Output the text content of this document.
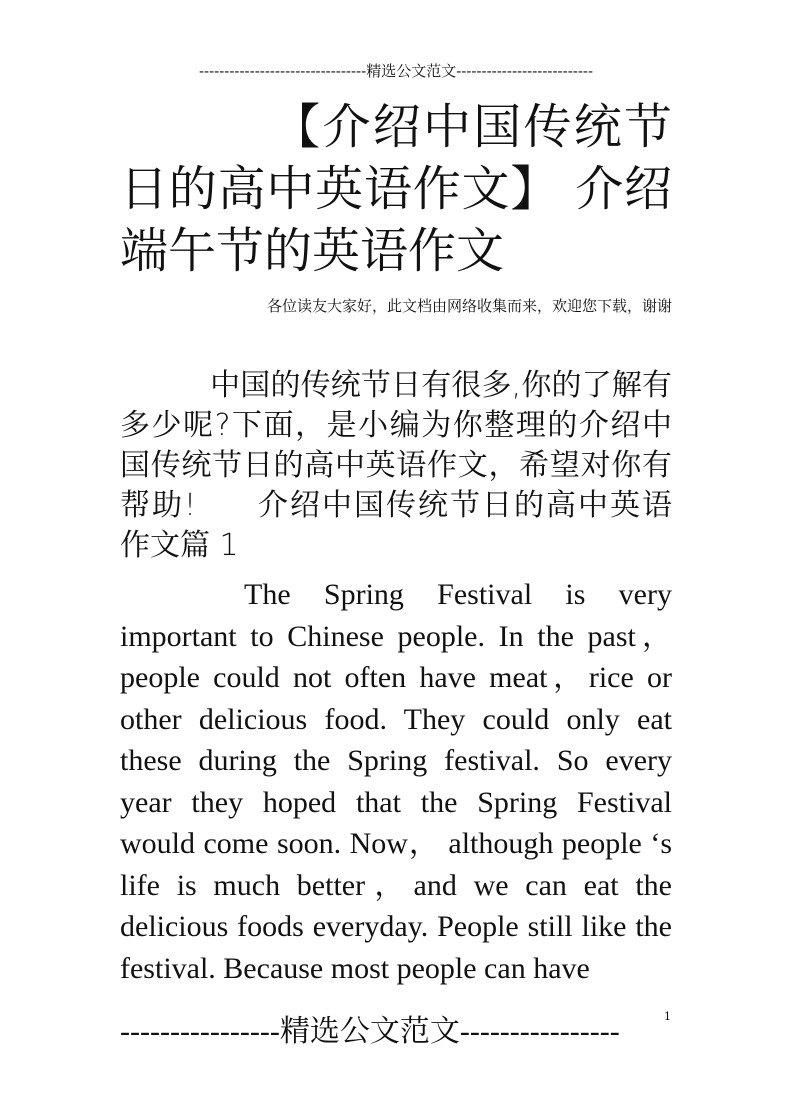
---------------------------------精选公文范文---------------------------
【介绍中国传统节日的高中英语作文】 介绍端午节的英语作文
各位读友大家好，此文档由网络收集而来，欢迎您下载，谢谢
中国的传统节日有很多,你的了解有多少呢?下面，是小编为你整理的介绍中国传统节日的高中英语作文，希望对你有帮助! 介绍中国传统节日的高中英语作文篇 1
The Spring Festival is very important to Chinese people. In the past，people could not often have meat，rice or other delicious food. They could only eat these during the Spring festival. So every year they hoped that the Spring Festival would come soon. Now， although people ‘s life is much better，and we can eat the delicious foods everyday. People still like the festival. Because most people can have
----------------精选公文范文----------------	1
